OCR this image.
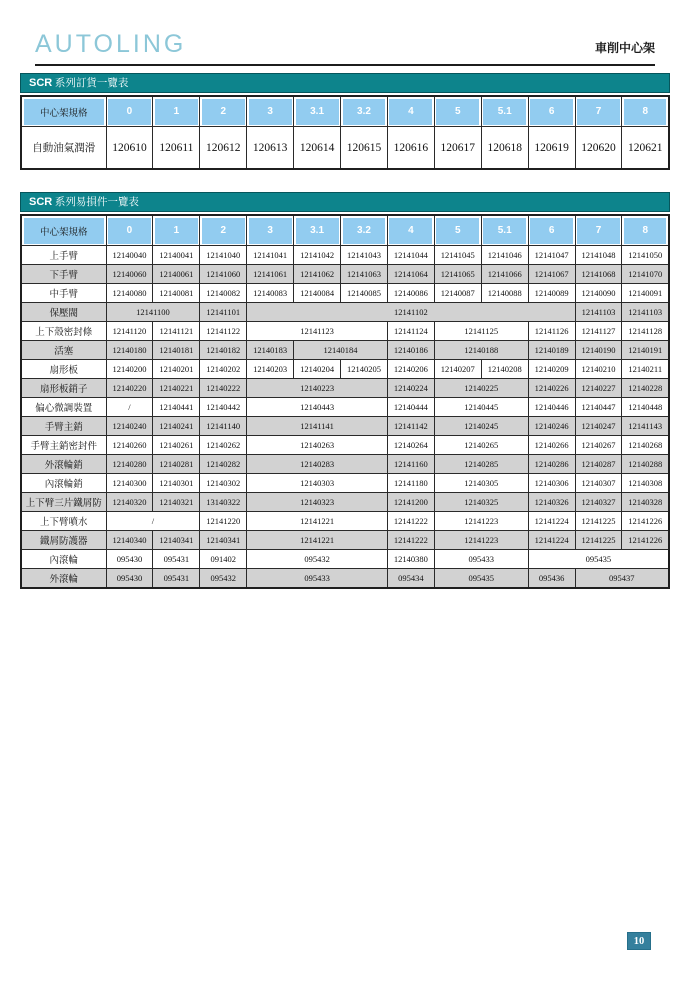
AUTOLING	車削中心架
SCR 系列訂貨一覽表
中心架規格	0	1	2	3	3.1	3.2	4	5	5.1	6	7	8
自動油氣潤滑	120610	120611	120612	120613	120614	120615	120616	120617	120618	120619	120620	120621
SCR 系列易損件一覽表
中心架規格	0	1	2	3	3.1	3.2	4	5	5.1	6	7	8
上手臂	12140040	12140041	12141040	12141041	12141042	12141043	12141044	12141045	12141046	12141047	12141048	12141050
下手臂	12140060	12140061	12141060	12141061	12141062	12141063	12141064	12141065	12141066	12141067	12141068	12141070
中手臂	12140080	12140081	12140082	12140083	12140084	12140085	12140086	12140087	12140088	12140089	12140090	12140091
保壓閥	12141100		12141101	12141102							12141103	12141103
上下殼密封條	12141120	12141121	12141122	12141123			12141124	12141125		12141126	12141127	12141128
活塞	12140180	12140181	12140182	12140183	12140184		12140186	12140188		12140189	12140190	12140191
扇形板	12140200	12140201	12140202	12140203	12140204	12140205	12140206	12140207	12140208	12140209	12140210	12140211
扇形板銷子	12140220	12140221	12140222	12140223			12140224	12140225		12140226	12140227	12140228
偏心微調裝置	/	12140441	12140442	12140443			12140444	12140445		12140446	12140447	12140448
手臂主銷	12140240	12140241	12141140	12141141			12141142	12140245		12140246	12140247	12141143
手臂主銷密封件	12140260	12140261	12140262	12140263			12140264	12140265		12140266	12140267	12140268
外滾輪銷	12140280	12140281	12140282	12140283			12141160	12140285		12140286	12140287	12140288
內滾輪銷	12140300	12140301	12140302	12140303			12141180	12140305		12140306	12140307	12140308
上下臂三片鐵屑防	12140320	12140321	13140322	12140323			12141200	12140325		12140326	12140327	12140328
上下臂噴水	/		12141220	12141221			12141222	12141223		12141224	12141225	12141226
鐵屑防護器	12140340	12140341	12140341	12141221			12141222	12141223		12141224	12141225	12141226
內滾輪	095430	095431	091402	095432			12140380	095433		095435		
外滾輪	095430	095431	095432	095433			095434	095435		095436	095437	
10
